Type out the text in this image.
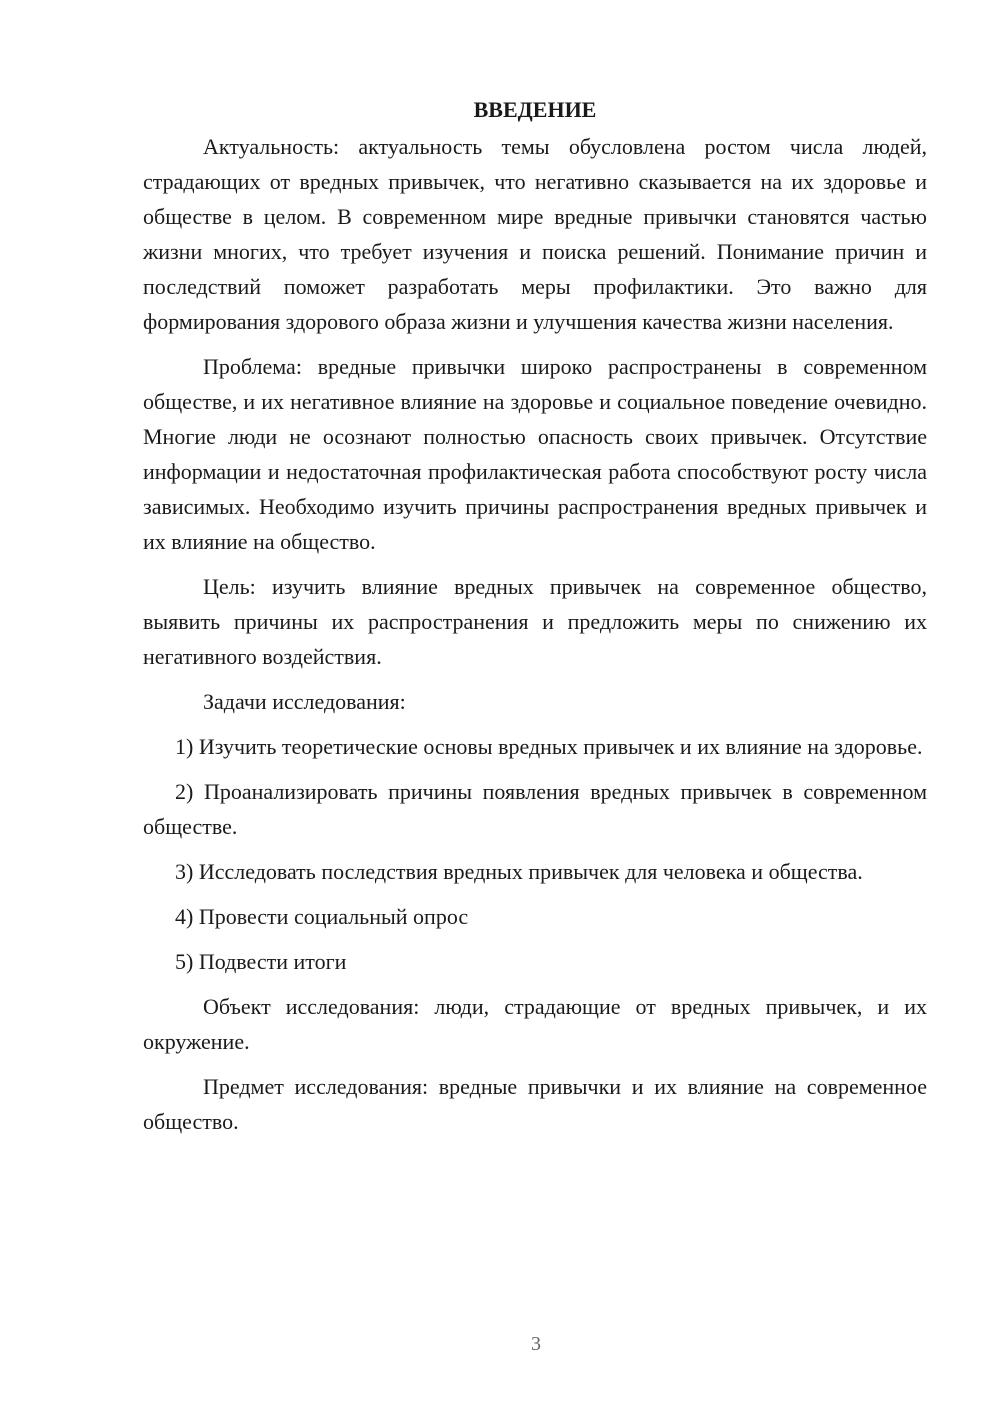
ВВЕДЕНИЕ

Актуальность: актуальность темы обусловлена ростом числа людей, страдающих от вредных привычек, что негативно сказывается на их здоровье и обществе в целом. В современном мире вредные привычки становятся частью жизни многих, что требует изучения и поиска решений. Понимание причин и последствий поможет разработать меры профилактики. Это важно для формирования здорового образа жизни и улучшения качества жизни населения.

Проблема: вредные привычки широко распространены в современном обществе, и их негативное влияние на здоровье и социальное поведение очевидно. Многие люди не осознают полностью опасность своих привычек. Отсутствие информации и недостаточная профилактическая работа способствуют росту числа зависимых. Необходимо изучить причины распространения вредных привычек и их влияние на общество.

Цель: изучить влияние вредных привычек на современное общество, выявить причины их распространения и предложить меры по снижению их негативного воздействия.

Задачи исследования:

1) Изучить теоретические основы вредных привычек и их влияние на здоровье.

2) Проанализировать причины появления вредных привычек в современном обществе.

3) Исследовать последствия вредных привычек для человека и общества.

4) Провести социальный опрос

5) Подвести итоги

Объект исследования: люди, страдающие от вредных привычек, и их окружение.

Предмет исследования: вредные привычки и их влияние на современное общество.

3
